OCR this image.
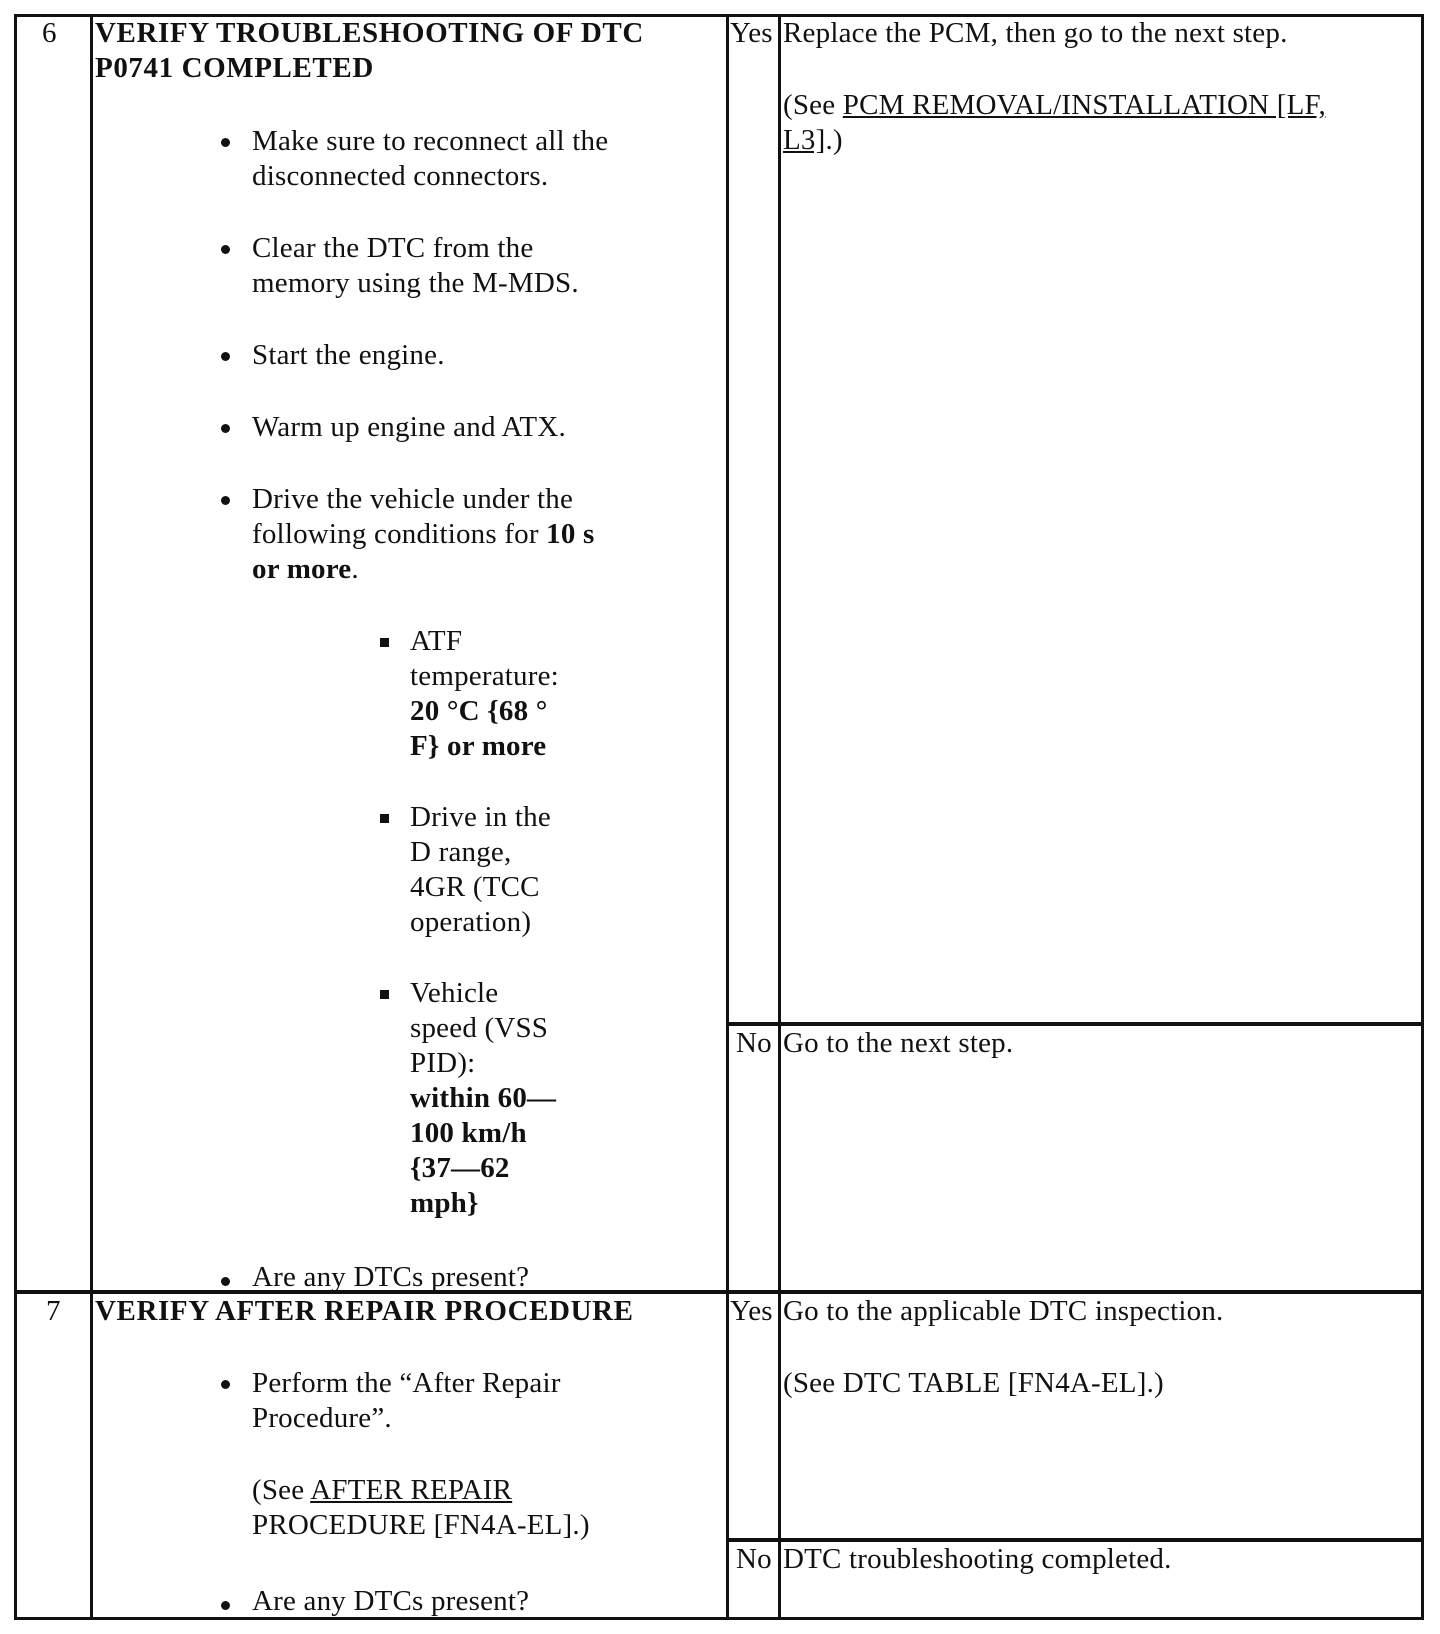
6 VERIFY TROUBLESHOOTING OF DTC
P0741 COMPLETED
Make sure to reconnect all the
disconnected connectors.
Clear the DTC from the
memory using the M-MDS.
Start the engine.
Warm up engine and ATX.
Drive the vehicle under the
following conditions for 10 s
or more.
ATF
temperature:
20 °C {68 °
F} or more
Drive in the
D range,
4GR (TCC
operation)
Vehicle
speed (VSS
PID):
within 60—
100 km/h
{37—62
mph}
Are any DTCs present?
Yes Replace the PCM, then go to the next step.
(See PCM REMOVAL/INSTALLATION [LF,
L3].)
No Go to the next step.
7 VERIFY AFTER REPAIR PROCEDURE
Perform the “After Repair
Procedure”.
(See AFTER REPAIR
PROCEDURE [FN4A-EL].)
Are any DTCs present?
Yes Go to the applicable DTC inspection.
(See DTC TABLE [FN4A-EL].)
No DTC troubleshooting completed.
